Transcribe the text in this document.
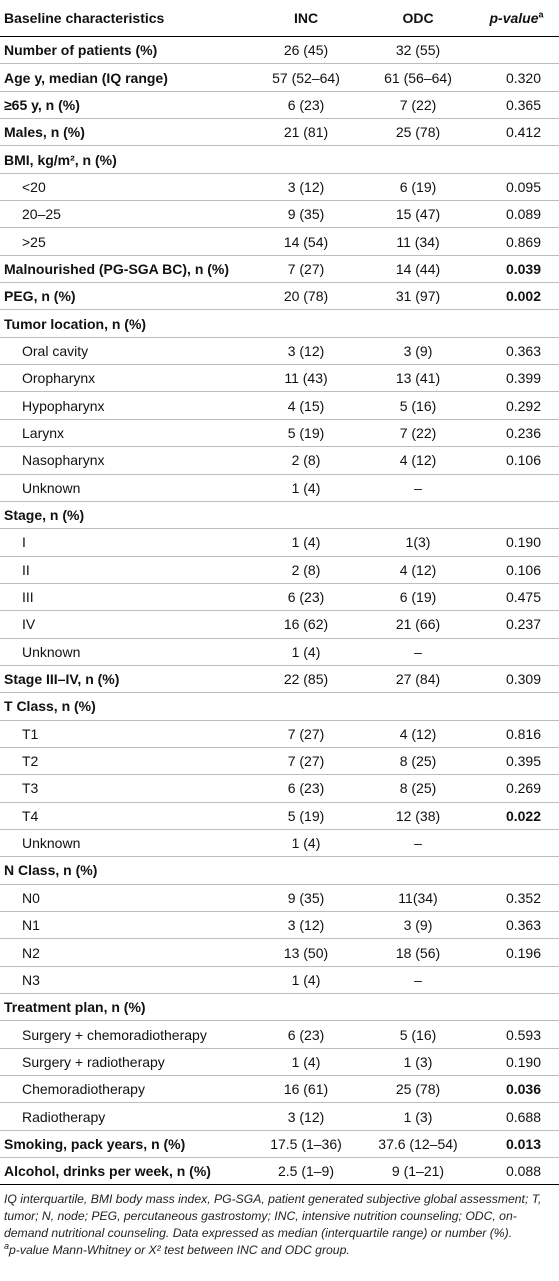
Baseline characteristics	INC	ODC	p-value$^a$
Number of patients (%)	26 (45)	32 (55)	
Age y, median (IQ range)	57 (52–64)	61 (56–64)	0.320
≥65 y, n (%)	6 (23)	7 (22)	0.365
Males, n (%)	21 (81)	25 (78)	0.412
BMI, kg/m², n (%)			
<20	3 (12)	6 (19)	0.095
20–25	9 (35)	15 (47)	0.089
>25	14 (54)	11 (34)	0.869
Malnourished (PG-SGA BC), n (%)	7 (27)	14 (44)	0.039
PEG, n (%)	20 (78)	31 (97)	0.002
Tumor location, n (%)			
Oral cavity	3 (12)	3 (9)	0.363
Oropharynx	11 (43)	13 (41)	0.399
Hypopharynx	4 (15)	5 (16)	0.292
Larynx	5 (19)	7 (22)	0.236
Nasopharynx	2 (8)	4 (12)	0.106
Unknown	1 (4)	–	
Stage, n (%)			
I	1 (4)	1(3)	0.190
II	2 (8)	4 (12)	0.106
III	6 (23)	6 (19)	0.475
IV	16 (62)	21 (66)	0.237
Unknown	1 (4)	–	
Stage III–IV, n (%)	22 (85)	27 (84)	0.309
T Class, n (%)			
T1	7 (27)	4 (12)	0.816
T2	7 (27)	8 (25)	0.395
T3	6 (23)	8 (25)	0.269
T4	5 (19)	12 (38)	0.022
Unknown	1 (4)	–	
N Class, n (%)			
N0	9 (35)	11(34)	0.352
N1	3 (12)	3 (9)	0.363
N2	13 (50)	18 (56)	0.196
N3	1 (4)	–	
Treatment plan, n (%)			
Surgery + chemoradiotherapy	6 (23)	5 (16)	0.593
Surgery + radiotherapy	1 (4)	1 (3)	0.190
Chemoradiotherapy	16 (61)	25 (78)	0.036
Radiotherapy	3 (12)	1 (3)	0.688
Smoking, pack years, n (%)	17.5 (1–36)	37.6 (12–54)	0.013
Alcohol, drinks per week, n (%)	2.5 (1–9)	9 (1–21)	0.088

IQ interquartile, BMI body mass index, PG-SGA, patient generated subjective global assessment; T, tumor; N, node; PEG, percutaneous gastrostomy; INC, intensive nutrition counseling; ODC, on-demand nutritional counseling. Data expressed as median (interquartile range) or number (%).

$^a$p-value Mann-Whitney or X² test between INC and ODC group.
